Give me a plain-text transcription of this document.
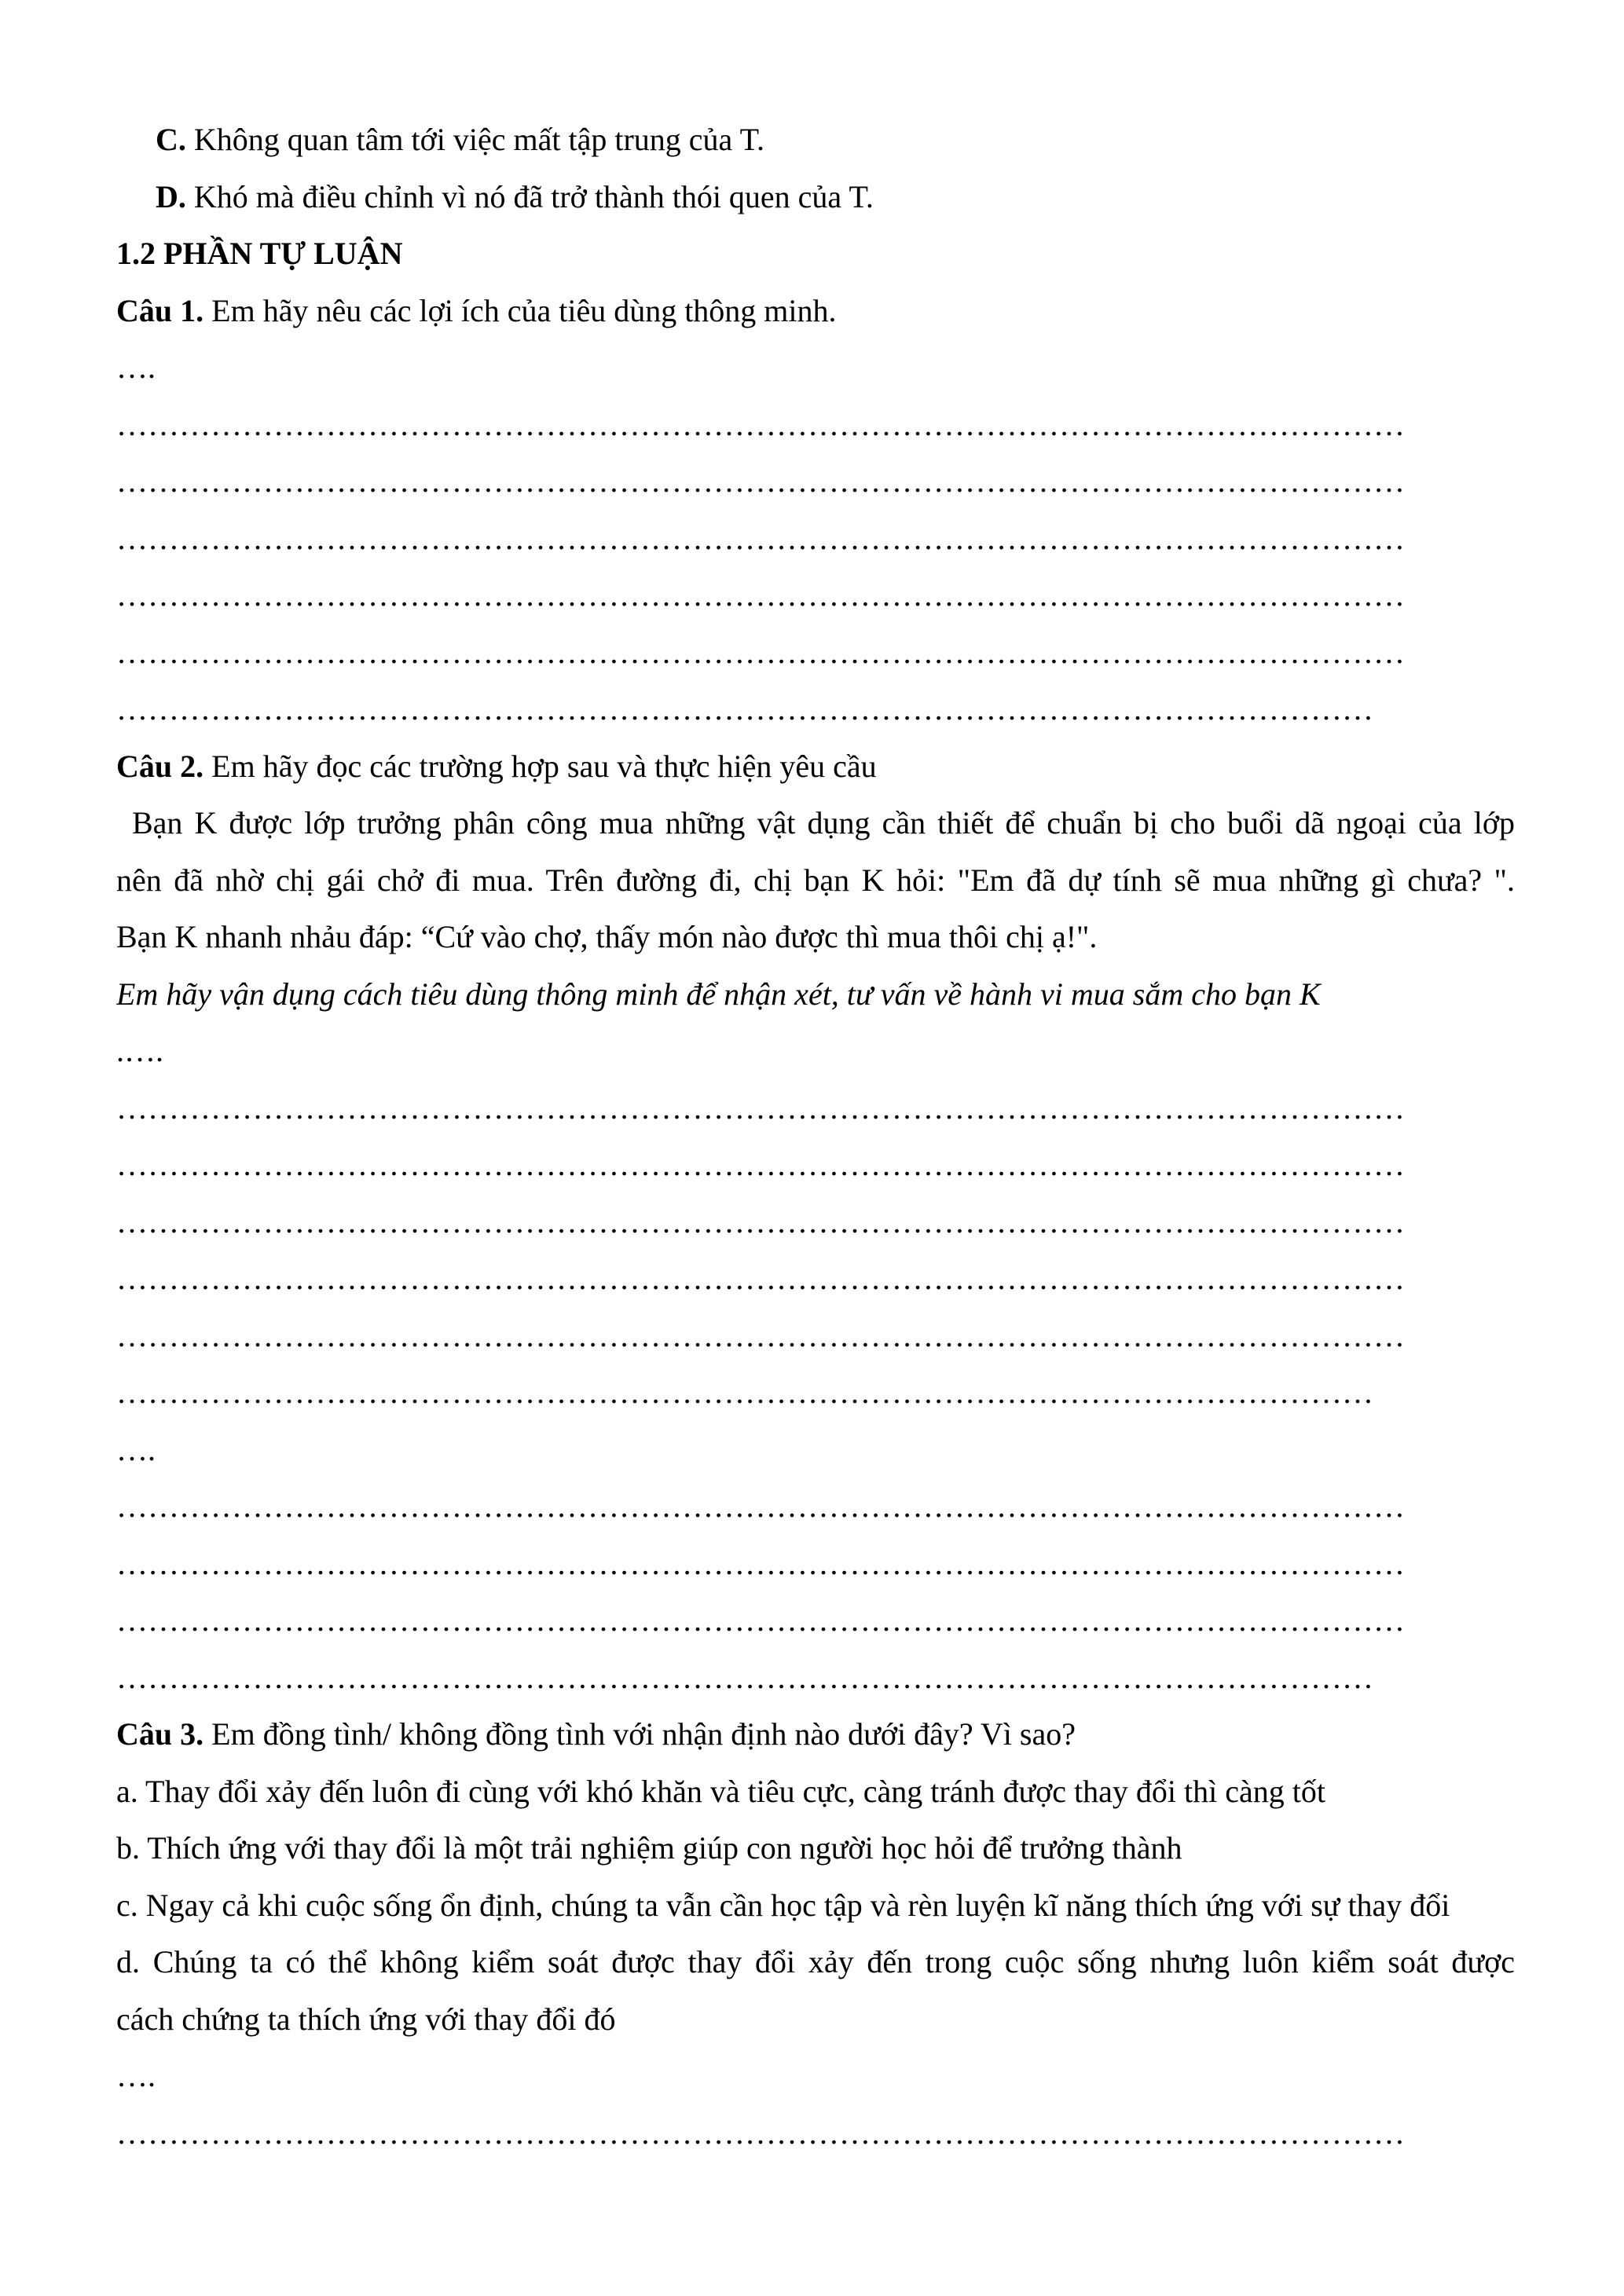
C. Không quan tâm tới việc mất tập trung của T.
D. Khó mà điều chỉnh vì nó đã trở thành thói quen của T.
1.2 PHẦN TỰ LUẬN
Câu 1. Em hãy nêu các lợi ích của tiêu dùng thông minh.
….
……………………………………………………………………………………………………………
……………………………………………………………………………………………………………
……………………………………………………………………………………………………………
……………………………………………………………………………………………………………
……………………………………………………………………………………………………………
…………………………………………………………………………………………………………
Câu 2. Em hãy đọc các trường hợp sau và thực hiện yêu cầu
Bạn K được lớp trưởng phân công mua những vật dụng cần thiết để chuẩn bị cho buổi dã ngoại của lớp
nên đã nhờ chị gái chở đi mua. Trên đường đi, chị bạn K hỏi: "Em đã dự tính sẽ mua những gì chưa? ".
Bạn K nhanh nhảu đáp: “Cứ vào chợ, thấy món nào được thì mua thôi chị ạ!".
Em hãy vận dụng cách tiêu dùng thông minh để nhận xét, tư vấn về hành vi mua sắm cho bạn K
.….
……………………………………………………………………………………………………………
……………………………………………………………………………………………………………
……………………………………………………………………………………………………………
……………………………………………………………………………………………………………
……………………………………………………………………………………………………………
…………………………………………………………………………………………………………
….
……………………………………………………………………………………………………………
……………………………………………………………………………………………………………
……………………………………………………………………………………………………………
…………………………………………………………………………………………………………
Câu 3. Em đồng tình/ không đồng tình với nhận định nào dưới đây? Vì sao?
a. Thay đổi xảy đến luôn đi cùng với khó khăn và tiêu cực, càng tránh được thay đổi thì càng tốt
b. Thích ứng với thay đổi là một trải nghiệm giúp con người học hỏi để trưởng thành
c. Ngay cả khi cuộc sống ổn định, chúng ta vẫn cần học tập và rèn luyện kĩ năng thích ứng với sự thay đổi
d. Chúng ta có thể không kiểm soát được thay đổi xảy đến trong cuộc sống nhưng luôn kiểm soát được
cách chứng ta thích ứng với thay đổi đó
….
……………………………………………………………………………………………………………
